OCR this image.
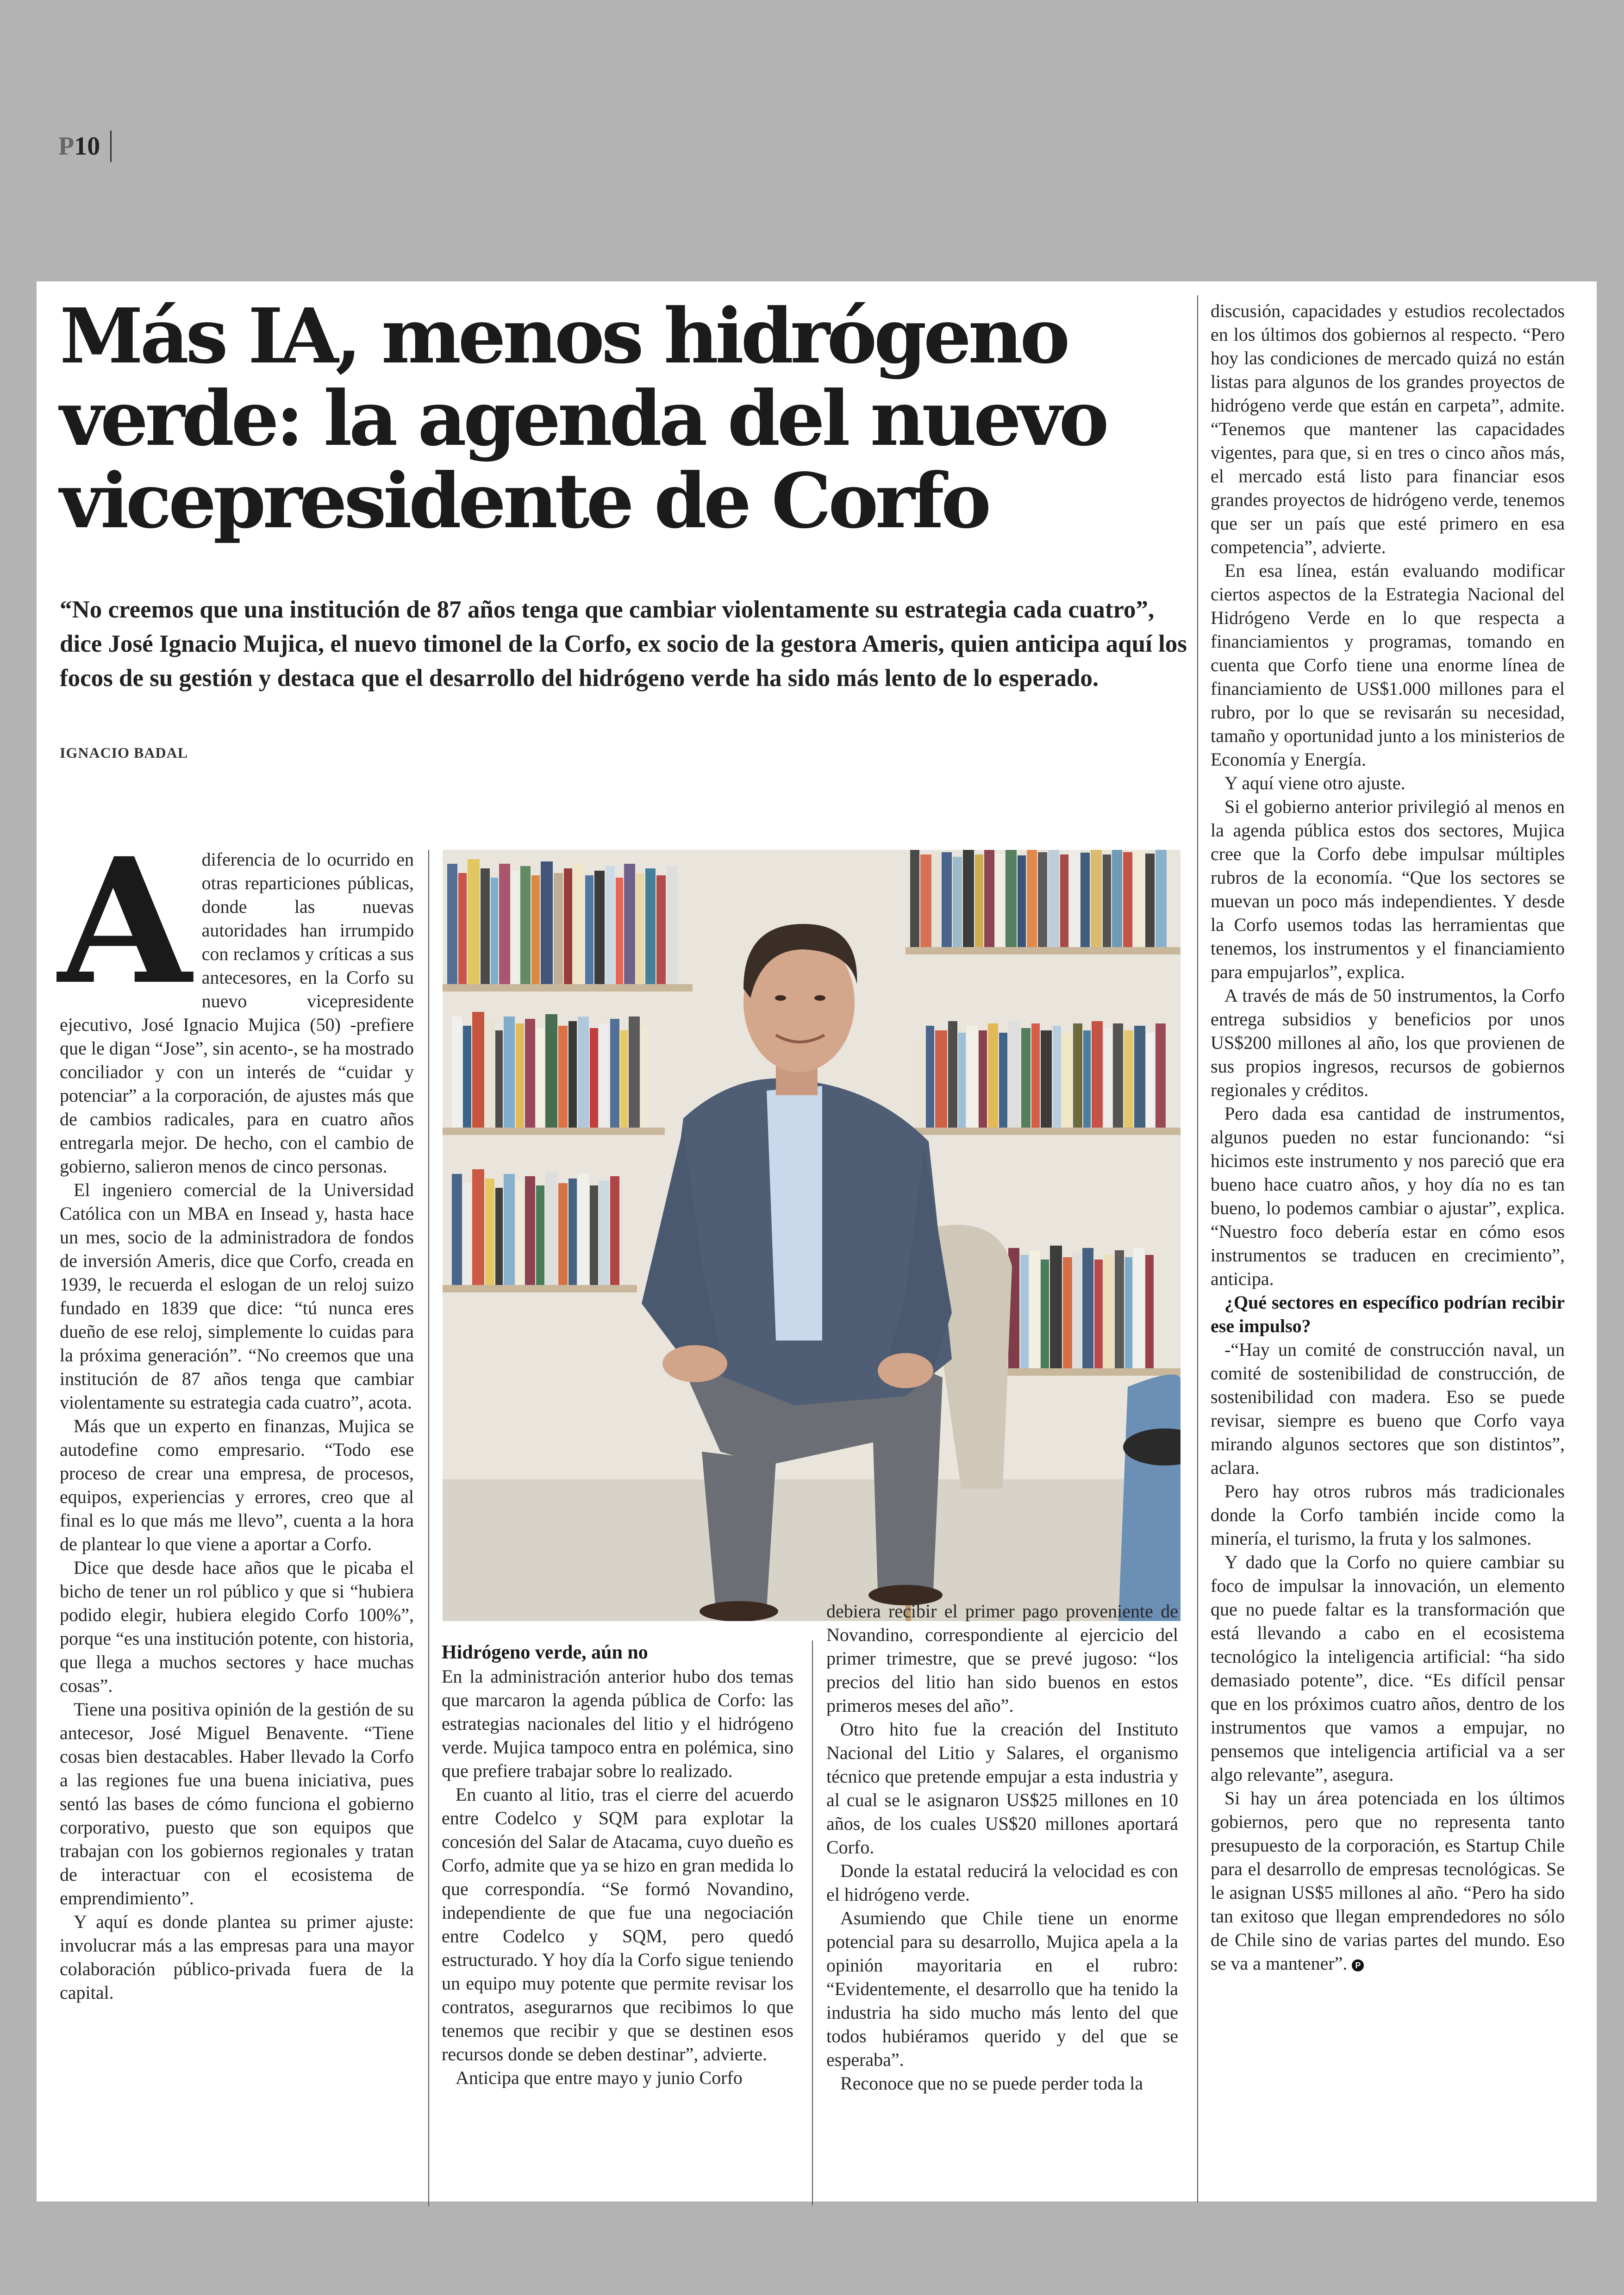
P10
Más IA, menos hidrógeno verde: la agenda del nuevo vicepresidente de Corfo

“No creemos que una institución de 87 años tenga que cambiar violentamente su estrategia cada cuatro”, dice José Ignacio Mujica, el nuevo timonel de la Corfo, ex socio de la gestora Ameris, quien anticipa aquí los focos de su gestión y destaca que el desarrollo del hidrógeno verde ha sido más lento de lo esperado.

IGNACIO BADAL
A diferencia de lo ocurrido en otras reparticiones públicas, donde las nuevas autoridades han irrumpido con reclamos y críticas a sus antecesores, en la Corfo su nuevo vicepresidente ejecutivo, José Ignacio Mujica (50) -prefiere que le digan “Jose”, sin acento-, se ha mostrado conciliador y con un interés de “cuidar y potenciar” a la corporación, de ajustes más que de cambios radicales, para en cuatro años entregarla mejor. De hecho, con el cambio de gobierno, salieron menos de cinco personas.

El ingeniero comercial de la Universidad Católica con un MBA en Insead y, hasta hace un mes, socio de la administradora de fondos de inversión Ameris, dice que Corfo, creada en 1939, le recuerda el eslogan de un reloj suizo fundado en 1839 que dice: “tú nunca eres dueño de ese reloj, simplemente lo cuidas para la próxima generación”. “No creemos que una institución de 87 años tenga que cambiar violentamente su estrategia cada cuatro”, acota.

Más que un experto en finanzas, Mujica se autodefine como empresario. “Todo ese proceso de crear una empresa, de procesos, equipos, experiencias y errores, creo que al final es lo que más me llevo”, cuenta a la hora de plantear lo que viene a aportar a Corfo.

Dice que desde hace años que le picaba el bicho de tener un rol público y que si “hubiera podido elegir, hubiera elegido Corfo 100%”, porque “es una institución potente, con historia, que llega a muchos sectores y hace muchas cosas”.

Tiene una positiva opinión de la gestión de su antecesor, José Miguel Benavente. “Tiene cosas bien destacables. Haber llevado la Corfo a las regiones fue una buena iniciativa, pues sentó las bases de cómo funciona el gobierno corporativo, puesto que son equipos que trabajan con los gobiernos regionales y tratan de interactuar con el ecosistema de emprendimiento”.

Y aquí es donde plantea su primer ajuste: involucrar más a las empresas para una mayor colaboración público-privada fuera de la capital.

Hidrógeno verde, aún no

En la administración anterior hubo dos temas que marcaron la agenda pública de Corfo: las estrategias nacionales del litio y el hidrógeno verde. Mujica tampoco entra en polémica, sino que prefiere trabajar sobre lo realizado.

En cuanto al litio, tras el cierre del acuerdo entre Codelco y SQM para explotar la concesión del Salar de Atacama, cuyo dueño es Corfo, admite que ya se hizo en gran medida lo que correspondía. “Se formó Novandino, independiente de que fue una negociación entre Codelco y SQM, pero quedó estructurado. Y hoy día la Corfo sigue teniendo un equipo muy potente que permite revisar los contratos, asegurarnos que recibimos lo que tenemos que recibir y que se destinen esos recursos donde se deben destinar”, advierte.

Anticipa que entre mayo y junio Corfo

debiera recibir el primer pago proveniente de Novandino, correspondiente al ejercicio del primer trimestre, que se prevé jugoso: “los precios del litio han sido buenos en estos primeros meses del año”.

Otro hito fue la creación del Instituto Nacional del Litio y Salares, el organismo técnico que pretende empujar a esta industria y al cual se le asignaron US$25 millones en 10 años, de los cuales US$20 millones aportará Corfo.

Donde la estatal reducirá la velocidad es con el hidrógeno verde.

Asumiendo que Chile tiene un enorme potencial para su desarrollo, Mujica apela a la opinión mayoritaria en el rubro: “Evidentemente, el desarrollo que ha tenido la industria ha sido mucho más lento del que todos hubiéramos querido y del que se esperaba”.

Reconoce que no se puede perder toda la

discusión, capacidades y estudios recolectados en los últimos dos gobiernos al respecto. “Pero hoy las condiciones de mercado quizá no están listas para algunos de los grandes proyectos de hidrógeno verde que están en carpeta”, admite. “Tenemos que mantener las capacidades vigentes, para que, si en tres o cinco años más, el mercado está listo para financiar esos grandes proyectos de hidrógeno verde, tenemos que ser un país que esté primero en esa competencia”, advierte.

En esa línea, están evaluando modificar ciertos aspectos de la Estrategia Nacional del Hidrógeno Verde en lo que respecta a financiamientos y programas, tomando en cuenta que Corfo tiene una enorme línea de financiamiento de US$1.000 millones para el rubro, por lo que se revisarán su necesidad, tamaño y oportunidad junto a los ministerios de Economía y Energía.

Y aquí viene otro ajuste.

Si el gobierno anterior privilegió al menos en la agenda pública estos dos sectores, Mujica cree que la Corfo debe impulsar múltiples rubros de la economía. “Que los sectores se muevan un poco más independientes. Y desde la Corfo usemos todas las herramientas que tenemos, los instrumentos y el financiamiento para empujarlos”, explica.

A través de más de 50 instrumentos, la Corfo entrega subsidios y beneficios por unos US$200 millones al año, los que provienen de sus propios ingresos, recursos de gobiernos regionales y créditos.

Pero dada esa cantidad de instrumentos, algunos pueden no estar funcionando: “si hicimos este instrumento y nos pareció que era bueno hace cuatro años, y hoy día no es tan bueno, lo podemos cambiar o ajustar”, explica. “Nuestro foco debería estar en cómo esos instrumentos se traducen en crecimiento”, anticipa.

¿Qué sectores en específico podrían recibir ese impulso?

-“Hay un comité de construcción naval, un comité de sostenibilidad de construcción, de sostenibilidad con madera. Eso se puede revisar, siempre es bueno que Corfo vaya mirando algunos sectores que son distintos”, aclara.

Pero hay otros rubros más tradicionales donde la Corfo también incide como la minería, el turismo, la fruta y los salmones.

Y dado que la Corfo no quiere cambiar su foco de impulsar la innovación, un elemento que no puede faltar es la transformación que está llevando a cabo en el ecosistema tecnológico la inteligencia artificial: “ha sido demasiado potente”, dice. “Es difícil pensar que en los próximos cuatro años, dentro de los instrumentos que vamos a empujar, no pensemos que inteligencia artificial va a ser algo relevante”, asegura.

Si hay un área potenciada en los últimos gobiernos, pero que no representa tanto presupuesto de la corporación, es Startup Chile para el desarrollo de empresas tecnológicas. Se le asignan US$5 millones al año. “Pero ha sido tan exitoso que llegan emprendedores no sólo de Chile sino de varias partes del mundo. Eso se va a mantener”. P
